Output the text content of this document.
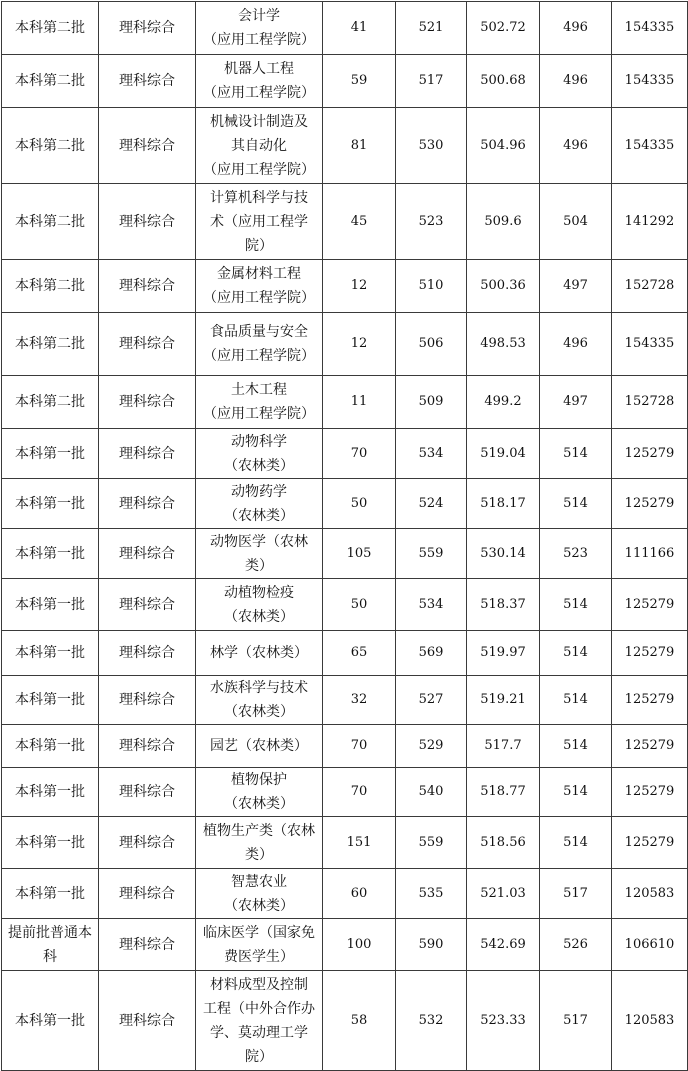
本科第二批	理科综合	会计学
（应用工程学院）	41	521	502.72	496	154335
本科第二批	理科综合	机器人工程
（应用工程学院）	59	517	500.68	496	154335
本科第二批	理科综合	机械设计制造及
其自动化
（应用工程学院）	81	530	504.96	496	154335
本科第二批	理科综合	计算机科学与技
术（应用工程学
院）	45	523	509.6	504	141292
本科第二批	理科综合	金属材料工程
（应用工程学院）	12	510	500.36	497	152728
本科第二批	理科综合	食品质量与安全
（应用工程学院）	12	506	498.53	496	154335
本科第二批	理科综合	土木工程
（应用工程学院）	11	509	499.2	497	152728
本科第一批	理科综合	动物科学
（农林类）	70	534	519.04	514	125279
本科第一批	理科综合	动物药学
（农林类）	50	524	518.17	514	125279
本科第一批	理科综合	动物医学（农林
类）	105	559	530.14	523	111166
本科第一批	理科综合	动植物检疫
（农林类）	50	534	518.37	514	125279
本科第一批	理科综合	林学（农林类）	65	569	519.97	514	125279
本科第一批	理科综合	水族科学与技术
（农林类）	32	527	519.21	514	125279
本科第一批	理科综合	园艺（农林类）	70	529	517.7	514	125279
本科第一批	理科综合	植物保护
（农林类）	70	540	518.77	514	125279
本科第一批	理科综合	植物生产类（农林
类）	151	559	518.56	514	125279
本科第一批	理科综合	智慧农业
（农林类）	60	535	521.03	517	120583
提前批普通本科	理科综合	临床医学（国家免
费医学生）	100	590	542.69	526	106610
本科第一批	理科综合	材料成型及控制
工程（中外合作办
学、莫动理工学
院）	58	532	523.33	517	120583
